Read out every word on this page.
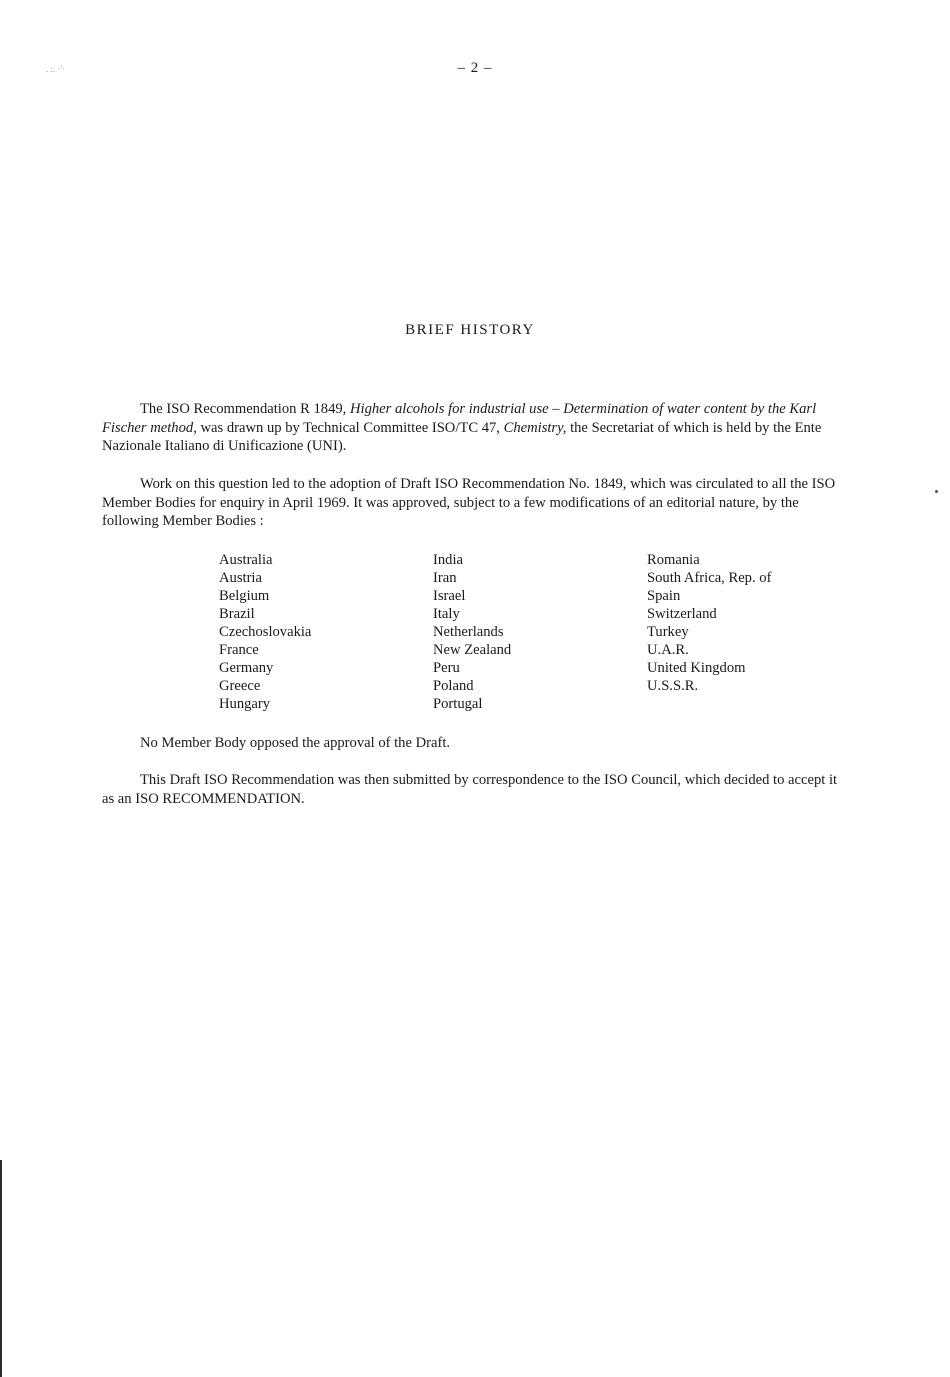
. :. ·'·	– 2 –
BRIEF HISTORY
The ISO Recommendation R 1849, Higher alcohols for industrial use – Determination of water content by the Karl Fischer method, was drawn up by Technical Committee ISO/TC 47, Chemistry, the Secretariat of which is held by the Ente Nazionale Italiano di Unificazione (UNI).
Work on this question led to the adoption of Draft ISO Recommendation No. 1849, which was circulated to all the ISO Member Bodies for enquiry in April 1969. It was approved, subject to a few modifications of an editorial nature, by the following Member Bodies :
Australia
Austria
Belgium
Brazil
Czechoslovakia
France
Germany
Greece
Hungary
India
Iran
Israel
Italy
Netherlands
New Zealand
Peru
Poland
Portugal
Romania
South Africa, Rep. of
Spain
Switzerland
Turkey
U.A.R.
United Kingdom
U.S.S.R.
No Member Body opposed the approval of the Draft.
This Draft ISO Recommendation was then submitted by correspondence to the ISO Council, which decided to accept it as an ISO RECOMMENDATION.
